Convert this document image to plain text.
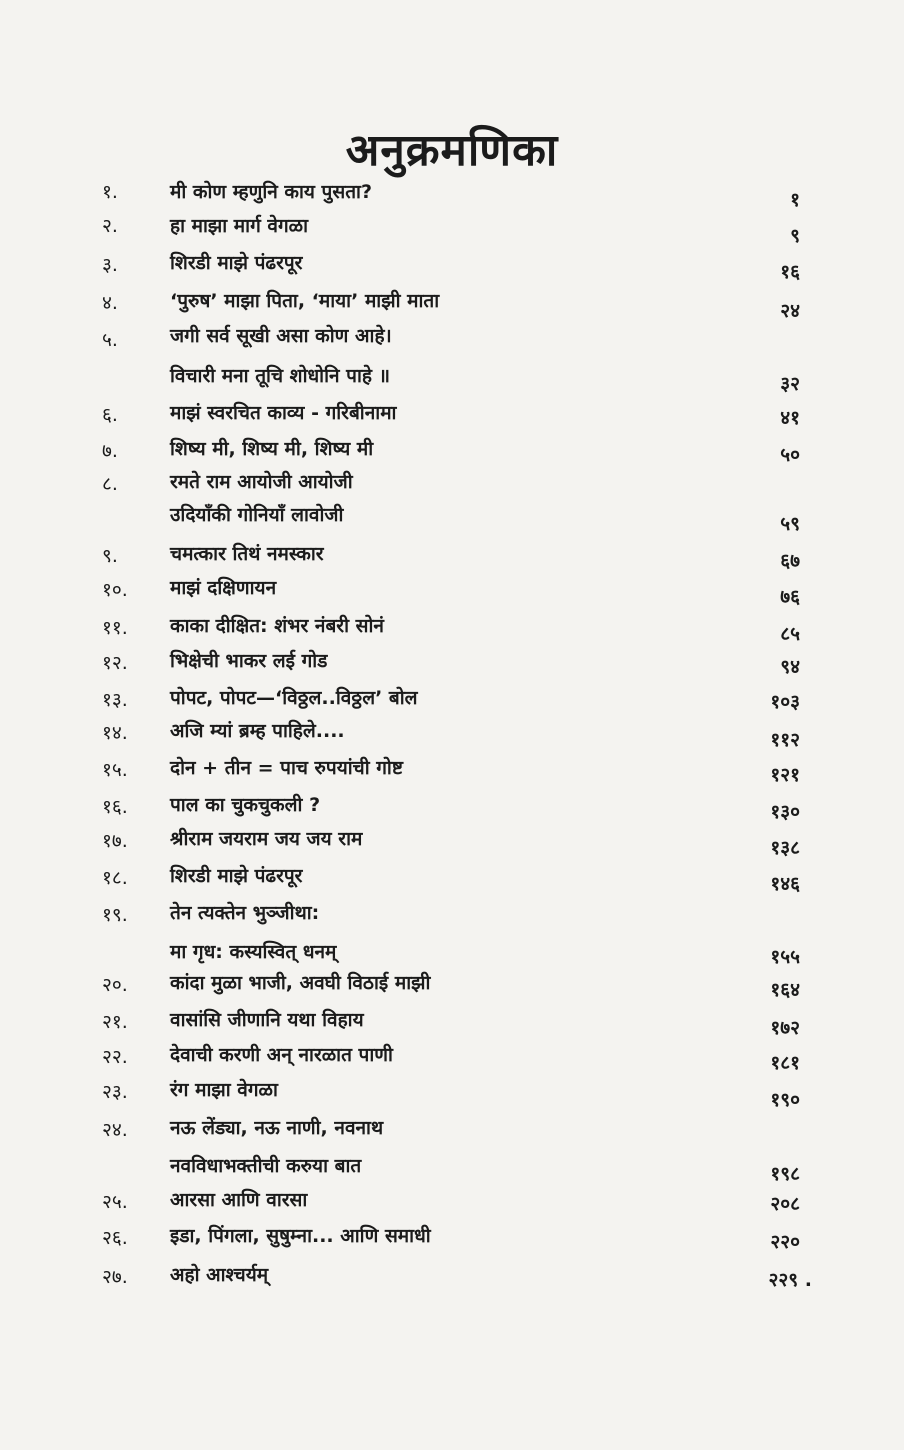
अनुक्रमणिका
१.	मी कोण म्हणुनि काय पुसता?	१
२.	हा माझा मार्ग वेगळा	९
३.	शिरडी माझे पंढरपूर	१६
४.	‘पुरुष’ माझा पिता, ‘माया’ माझी माता	२४
५.	जगी सर्व सूखी असा कोण आहे।
विचारी मना तूचि शोधोनि पाहे ॥	३२
६.	माझं स्वरचित काव्य - गरिबीनामा	४१
७.	शिष्य मी, शिष्य मी, शिष्य मी	५०
८.	रमते राम आयोजी आयोजी
उदियाँकी गोनियाँ लावोजी	५९
९.	चमत्कार तिथं नमस्कार	६७
१०. माझं दक्षिणायन	७६
११. काका दीक्षित: शंभर नंबरी सोनं	८५
१२. भिक्षेची भाकर लई गोड	९४
१३. पोपट, पोपट—‘विठ्ठल..विठ्ठल’ बोल	१०३
१४. अजि म्यां ब्रम्ह पाहिले....	११२
१५. दोन + तीन = पाच रुपयांची गोष्ट	१२१
१६. पाल का चुकचुकली ?	१३०
१७. श्रीराम जयराम जय जय राम	१३८
१८. शिरडी माझे पंढरपूर	१४६
१९. तेन त्यक्तेन भुञ्जीथा:
मा गृध: कस्यस्वित् धनम्	१५५
२०. कांदा मुळा भाजी, अवघी विठाई माझी	१६४
२१. वासांसि जीणानि यथा विहाय	१७२
२२. देवाची करणी अन् नारळात पाणी	१८१
२३. रंग माझा वेगळा	१९०
२४. नऊ लेंड्या, नऊ नाणी, नवनाथ
नवविधाभक्तीची करुया बात	१९८
२५. आरसा आणि वारसा	२०८
२६. इडा, पिंगला, सुषुम्ना... आणि समाधी	२२०
२७. अहो आश्चर्यम्	२२९ .
